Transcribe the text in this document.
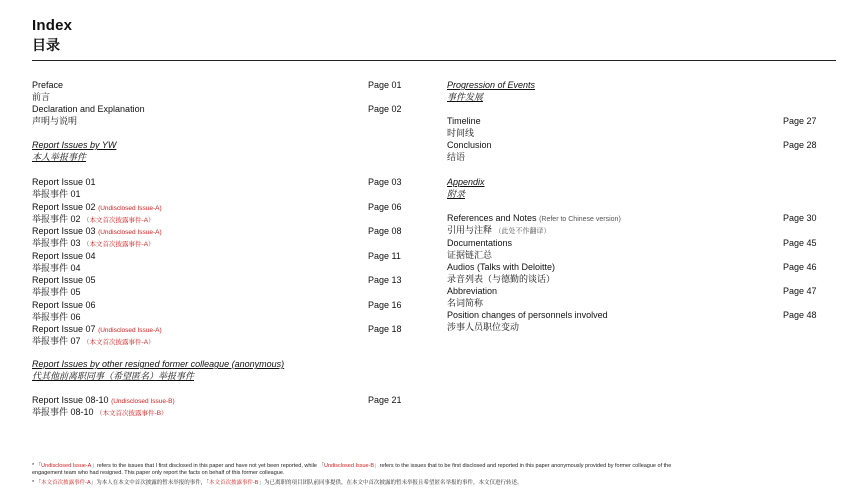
Index
目录
Preface
前言
Page 01
Declaration and Explanation
声明与说明
Page 02
Report Issues by YW
本人举报事件
Report Issue 01
举报事件 01
Page 03
Report Issue 02 (Undisclosed Issue-A)
举报事件 02 （本文首次披露事件-A）
Page 06
Report Issue 03 (Undisclosed Issue-A)
举报事件 03 （本文首次披露事件-A）
Page 08
Report Issue 04
举报事件 04
Page 11
Report Issue 05
举报事件 05
Page 13
Report Issue 06
举报事件 06
Page 16
Report Issue 07 (Undisclosed Issue-A)
举报事件 07 （本文首次披露事件-A）
Page 18
Report Issues by other resigned former colleague (anonymous)
代其他前离职同事（希望匿名）举报事件
Report Issue 08-10 (Undisclosed Issue-B)
举报事件 08-10 （本文首次披露事件-B）
Page 21
Progression of Events
事件发展
Timeline
时间线
Page 27
Conclusion
结语
Page 28
Appendix
附录
References and Notes (Refer to Chinese version)
引用与注释 （此处不作翻译）
Page 30
Documentations
证据链汇总
Page 45
Audios (Talks with Deloitte)
录音列表（与德勤的谈话）
Page 46
Abbreviation
名词简称
Page 47
Position changes of personnels involved
涉事人员职位变动
Page 48
* 「Undisclosed Issue-A」refers to the issues that I first disclosed in this paper and have not yet been reported, while 「Undisclosed Issue-B」refers to the issues that to be first disclosed and reported in this paper anonymously provided by former colleague of the
engagement team who had resigned. This paper only report the facts on behalf of this former colleague.
* 「本文首次披露事件-A」为本人在本文中首次披露的暂未举报的事件，「本文首次披露事件-B」为已离职的项目团队前同事提供，在本文中首次披露的暂未举报且希望匿名举报的事件，本文仅进行转述。
